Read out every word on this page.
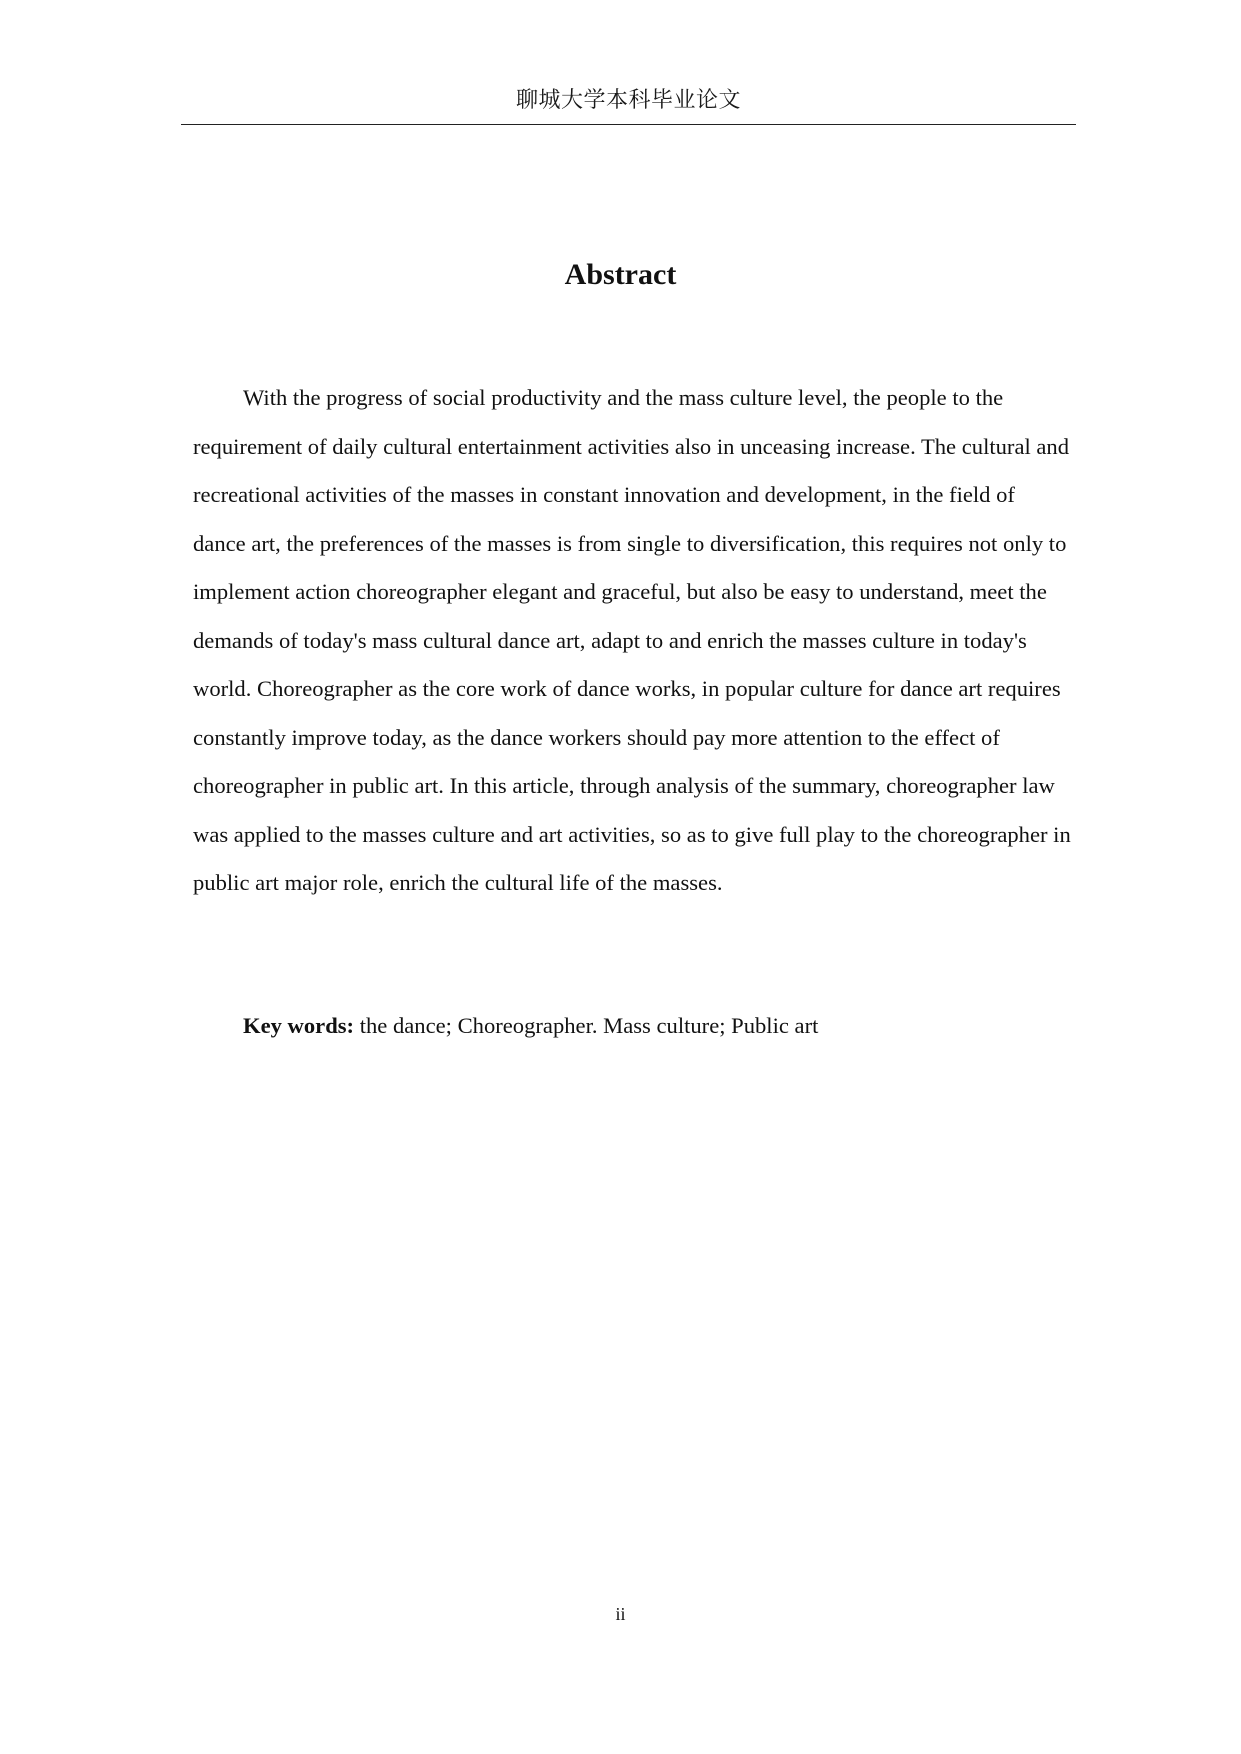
聊城大学本科毕业论文
Abstract

With the progress of social productivity and the mass culture level, the people to the requirement of daily cultural entertainment activities also in unceasing increase. The cultural and recreational activities of the masses in constant innovation and development, in the field of dance art, the preferences of the masses is from single to diversification, this requires not only to implement action choreographer elegant and graceful, but also be easy to understand, meet the demands of today's mass cultural dance art, adapt to and enrich the masses culture in today's world. Choreographer as the core work of dance works, in popular culture for dance art requires constantly improve today, as the dance workers should pay more attention to the effect of choreographer in public art. In this article, through analysis of the summary, choreographer law was applied to the masses culture and art activities, so as to give full play to the choreographer in public art major role, enrich the cultural life of the masses.

Key words: the dance; Choreographer. Mass culture; Public art

ii
